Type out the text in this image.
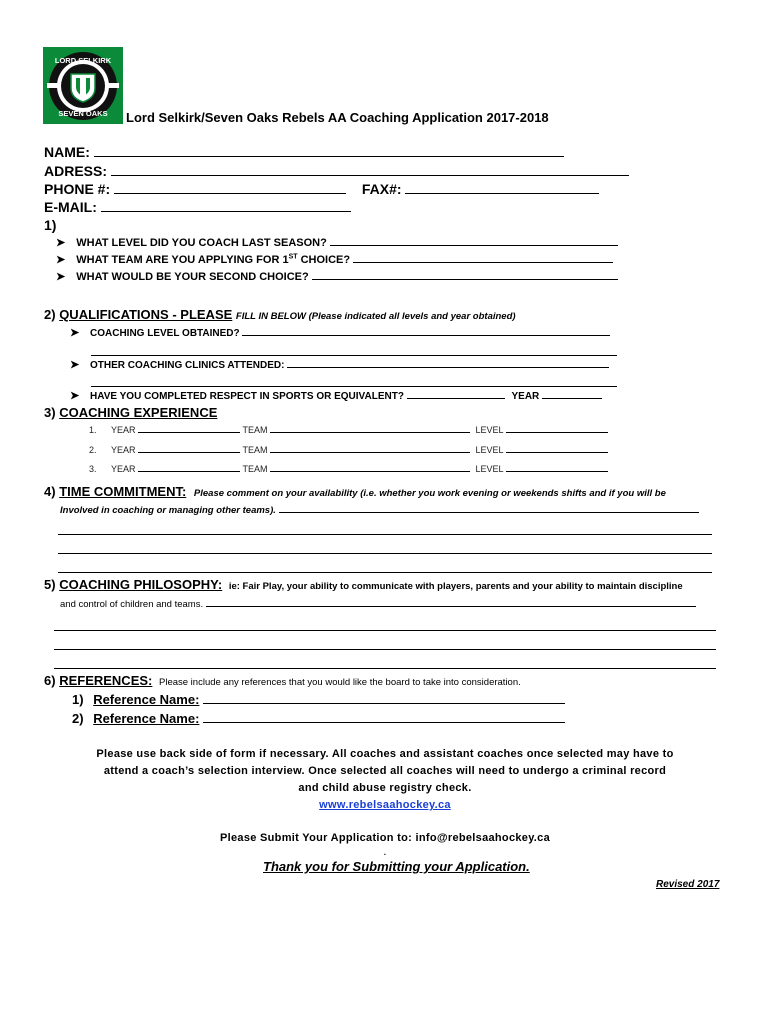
LORD SELKIRK
SEVEN OAKS Lord Selkirk/Seven Oaks Rebels AA Coaching Application 2017-2018
NAME:
ADRESS:
PHONE #:	FAX#:
E-MAIL:
1)
➤ WHAT LEVEL DID YOU COACH LAST SEASON?
➤ WHAT TEAM ARE YOU APPLYING FOR 1ST CHOICE?
➤ WHAT WOULD BE YOUR SECOND CHOICE?
2) QUALIFICATIONS - PLEASE FILL IN BELOW (Please indicated all levels and year obtained)
➤ COACHING LEVEL OBTAINED?
➤ OTHER COACHING CLINICS ATTENDED:
➤ HAVE YOU COMPLETED RESPECT IN SPORTS OR EQUIVALENT?	YEAR
3) COACHING EXPERIENCE
1. YEAR	TEAM	LEVEL
2. YEAR	TEAM	LEVEL
3. YEAR	TEAM	LEVEL
4) TIME COMMITMENT: Please comment on your availability (i.e. whether you work evening or weekends shifts and if you will be
Involved in coaching or managing other teams).
5) COACHING PHILOSOPHY: ie: Fair Play, your ability to communicate with players, parents and your ability to maintain discipline
and control of children and teams.
6) REFERENCES: Please include any references that you would like the board to take into consideration.
1) Reference Name:
2) Reference Name:
Please use back side of form if necessary. All coaches and assistant coaches once selected may have to
attend a coach’s selection interview. Once selected all coaches will need to undergo a criminal record
and child abuse registry check.
www.rebelsaahockey.ca
Please Submit Your Application to: info@rebelsaahockey.ca
.
Thank you for Submitting your Application.
Revised 2017
